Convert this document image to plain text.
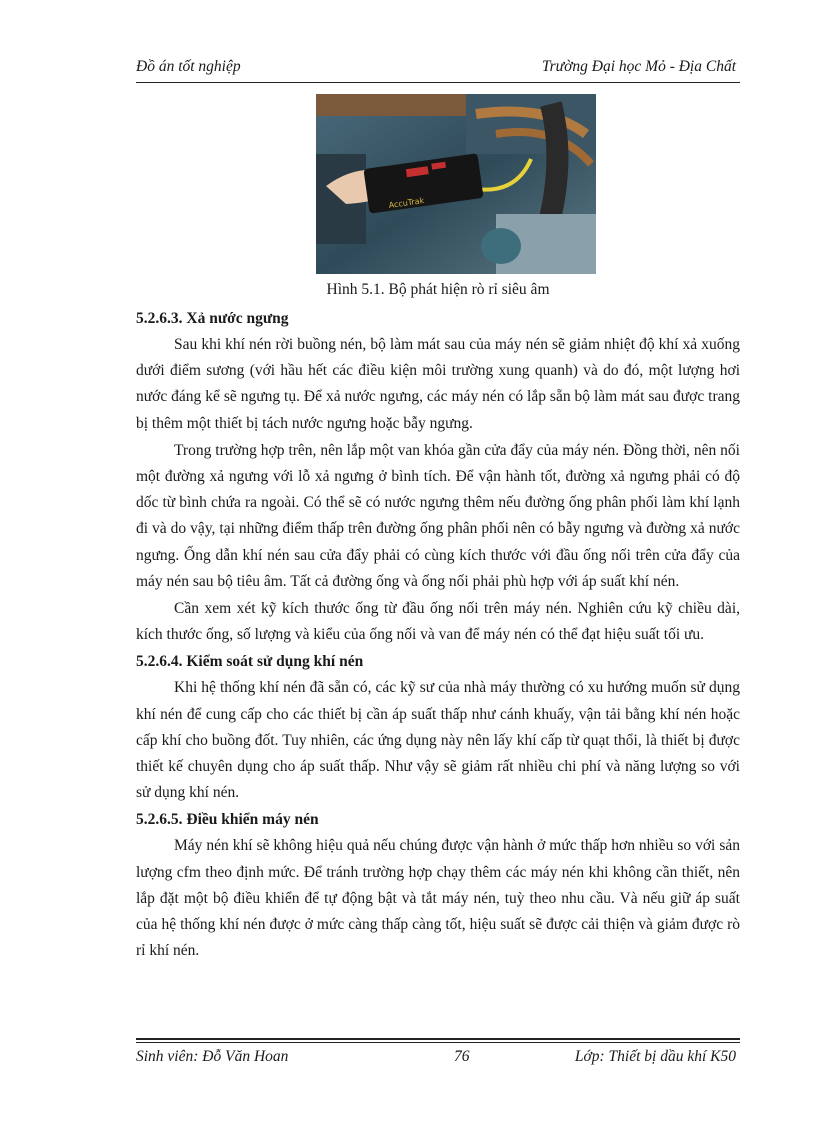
Đồ án tốt nghiệp	Trường Đại học Mỏ - Địa Chất
AccuTrak
Hình 5.1. Bộ phát hiện rò rỉ siêu âm
5.2.6.3. Xả nước ngưng

Sau khi khí nén rời buồng nén, bộ làm mát sau của máy nén sẽ giảm nhiệt độ khí xả xuống dưới điểm sương (với hầu hết các điều kiện môi trường xung quanh) và do đó, một lượng hơi nước đáng kể sẽ ngưng tụ. Để xả nước ngưng, các máy nén có lắp sẵn bộ làm mát sau được trang bị thêm một thiết bị tách nước ngưng hoặc bẫy ngưng.

Trong trường hợp trên, nên lắp một van khóa gần cửa đẩy của máy nén. Đồng thời, nên nối một đường xả ngưng với lỗ xả ngưng ở bình tích. Để vận hành tốt, đường xả ngưng phải có độ dốc từ bình chứa ra ngoài. Có thể sẽ có nước ngưng thêm nếu đường ống phân phối làm khí lạnh đi và do vậy, tại những điểm thấp trên đường ống phân phối nên có bẫy ngưng và đường xả nước ngưng. Ống dẫn khí nén sau cửa đẩy phải có cùng kích thước với đầu ống nối trên cửa đẩy của máy nén sau bộ tiêu âm. Tất cả đường ống và ống nối phải phù hợp với áp suất khí nén.

Cần xem xét kỹ kích thước ống từ đầu ống nối trên máy nén. Nghiên cứu kỹ chiều dài, kích thước ống, số lượng và kiểu của ống nối và van để máy nén có thể đạt hiệu suất tối ưu.

5.2.6.4. Kiểm soát sử dụng khí nén

Khi hệ thống khí nén đã sẵn có, các kỹ sư của nhà máy thường có xu hướng muốn sử dụng khí nén để cung cấp cho các thiết bị cần áp suất thấp như cánh khuấy, vận tải bằng khí nén hoặc cấp khí cho buồng đốt. Tuy nhiên, các ứng dụng này nên lấy khí cấp từ quạt thổi, là thiết bị được thiết kế chuyên dụng cho áp suất thấp. Như vậy sẽ giảm rất nhiều chi phí và năng lượng so với sử dụng khí nén.

5.2.6.5. Điều khiển máy nén

Máy nén khí sẽ không hiệu quả nếu chúng được vận hành ở mức thấp hơn nhiều so với sản lượng cfm theo định mức. Để tránh trường hợp chạy thêm các máy nén khi không cần thiết, nên lắp đặt một bộ điều khiển để tự động bật và tắt máy nén, tuỳ theo nhu cầu. Và nếu giữ áp suất của hệ thống khí nén được ở mức càng thấp càng tốt, hiệu suất sẽ được cải thiện và giảm được rò rỉ khí nén.

Sinh viên: Đỗ Văn Hoan	76	Lớp: Thiết bị dầu khí K50
